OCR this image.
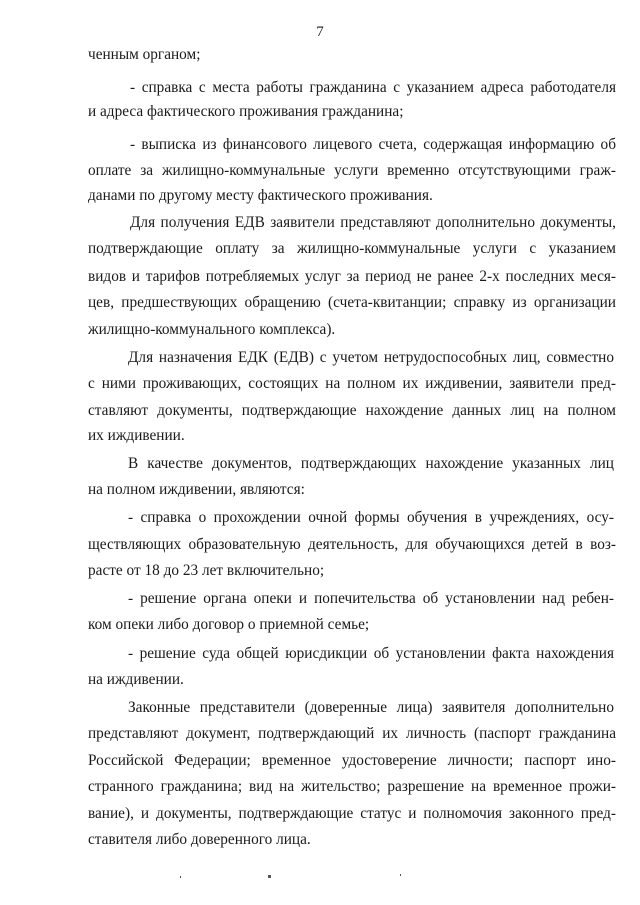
7
ченным органом;
- справка с места работы гражданина с указанием адреса работодателя
и адреса фактического проживания гражданина;
- выписка из финансового лицевого счета, содержащая информацию об
оплате за жилищно-коммунальные услуги временно отсутствующими граж-
данами по другому месту фактического проживания.
Для получения ЕДВ заявители представляют дополнительно документы,
подтверждающие оплату за жилищно-коммунальные услуги с указанием
видов и тарифов потребляемых услуг за период не ранее 2-х последних меся-
цев, предшествующих обращению (счета-квитанции; справку из организации
жилищно-коммунального комплекса).
Для назначения ЕДК (ЕДВ) с учетом нетрудоспособных лиц, совместно
с ними проживающих, состоящих на полном их иждивении, заявители пред-
ставляют документы, подтверждающие нахождение данных лиц на полном
их иждивении.
В качестве документов, подтверждающих нахождение указанных лиц
на полном иждивении, являются:
- справка о прохождении очной формы обучения в учреждениях, осу-
ществляющих образовательную деятельность, для обучающихся детей в воз-
расте от 18 до 23 лет включительно;
- решение органа опеки и попечительства об установлении над ребен-
ком опеки либо договор о приемной семье;
- решение суда общей юрисдикции об установлении факта нахождения
на иждивении.
Законные представители (доверенные лица) заявителя дополнительно
представляют документ, подтверждающий их личность (паспорт гражданина
Российской Федерации; временное удостоверение личности; паспорт ино-
странного гражданина; вид на жительство; разрешение на временное прожи-
вание), и документы, подтверждающие статус и полномочия законного пред-
ставителя либо доверенного лица.
